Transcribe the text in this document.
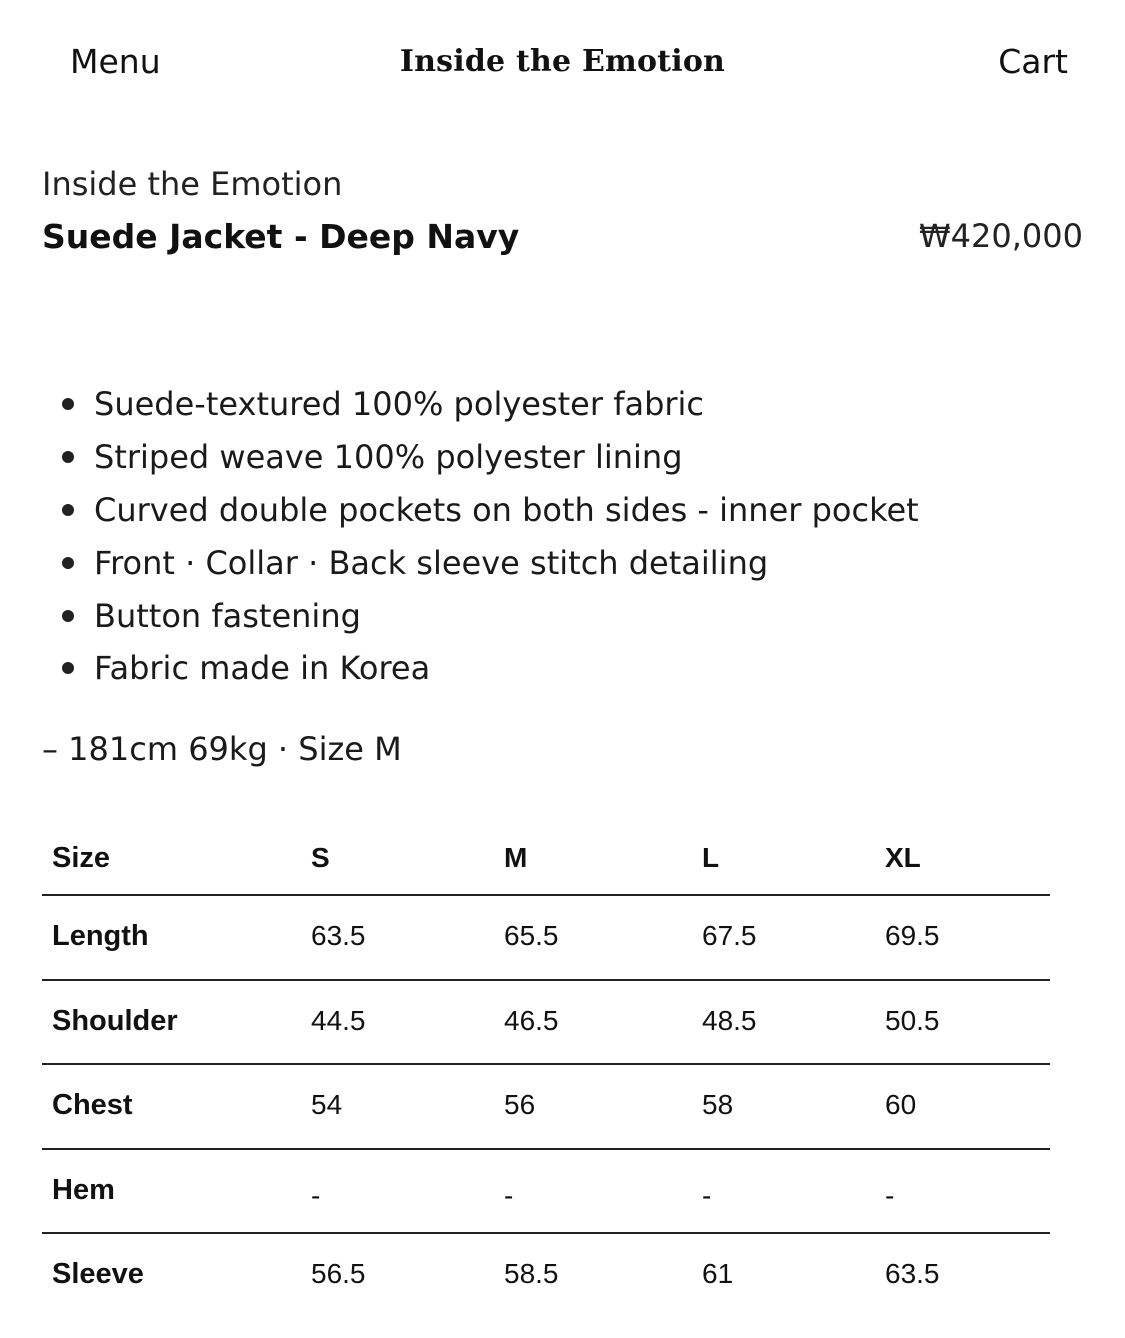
Menu	Inside the Emotion	Cart
Inside the Emotion
Suede Jacket - Deep Navy	₩420,000
Suede-textured 100% polyester fabric
Striped weave 100% polyester lining
Curved double pockets on both sides - inner pocket
Front · Collar · Back sleeve stitch detailing
Button fastening
Fabric made in Korea
– 181cm 69kg · Size M
Size	S	M	L	XL
Length	63.5	65.5	67.5	69.5
Shoulder	44.5	46.5	48.5	50.5
Chest	54	56	58	60
Hem	-	-	-	-
Sleeve	56.5	58.5	61	63.5
